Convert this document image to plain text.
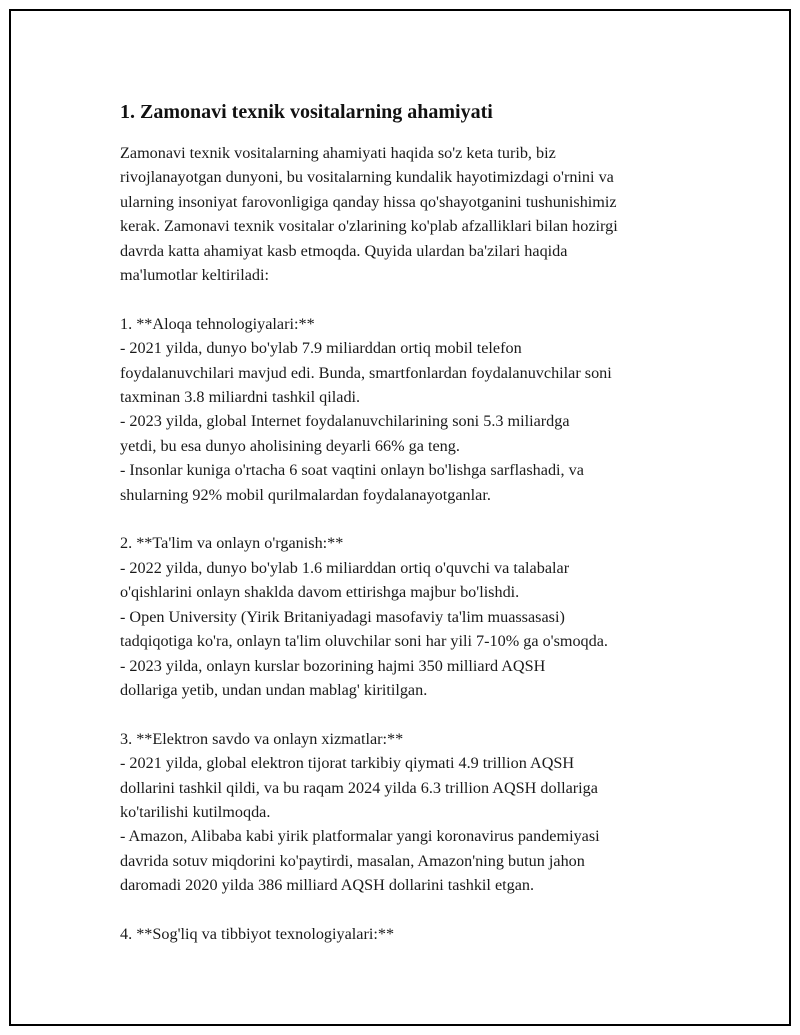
1. Zamonavi texnik vositalarning ahamiyati

Zamonavi texnik vositalarning ahamiyati haqida so'z keta turib, biz
rivojlanayotgan dunyoni, bu vositalarning kundalik hayotimizdagi o'rnini va
ularning insoniyat farovonligiga qanday hissa qo'shayotganini tushunishimiz
kerak. Zamonavi texnik vositalar o'zlarining ko'plab afzalliklari bilan hozirgi
davrda katta ahamiyat kasb etmoqda. Quyida ulardan ba'zilari haqida
ma'lumotlar keltiriladi:

1. **Aloqa tehnologiyalari:**

- 2021 yilda, dunyo bo'ylab 7.9 miliarddan ortiq mobil telefon
foydalanuvchilari mavjud edi. Bunda, smartfonlardan foydalanuvchilar soni
taxminan 3.8 miliardni tashkil qiladi.
- 2023 yilda, global Internet foydalanuvchilarining soni 5.3 miliardga
yetdi, bu esa dunyo aholisining deyarli 66% ga teng.
- Insonlar kuniga o'rtacha 6 soat vaqtini onlayn bo'lishga sarflashadi, va
shularning 92% mobil qurilmalardan foydalanayotganlar.

2. **Ta'lim va onlayn o'rganish:**

- 2022 yilda, dunyo bo'ylab 1.6 miliarddan ortiq o'quvchi va talabalar
o'qishlarini onlayn shaklda davom ettirishga majbur bo'lishdi.
- Open University (Yirik Britaniyadagi masofaviy ta'lim muassasasi)
tadqiqotiga ko'ra, onlayn ta'lim oluvchilar soni har yili 7-10% ga o'smoqda.
- 2023 yilda, onlayn kurslar bozorining hajmi 350 milliard AQSH
dollariga yetib, undan undan mablag' kiritilgan.

3. **Elektron savdo va onlayn xizmatlar:**

- 2021 yilda, global elektron tijorat tarkibiy qiymati 4.9 trillion AQSH
dollarini tashkil qildi, va bu raqam 2024 yilda 6.3 trillion AQSH dollariga
ko'tarilishi kutilmoqda.
- Amazon, Alibaba kabi yirik platformalar yangi koronavirus pandemiyasi
davrida sotuv miqdorini ko'paytirdi, masalan, Amazon'ning butun jahon
daromadi 2020 yilda 386 milliard AQSH dollarini tashkil etgan.

4. **Sog'liq va tibbiyot texnologiyalari:**
